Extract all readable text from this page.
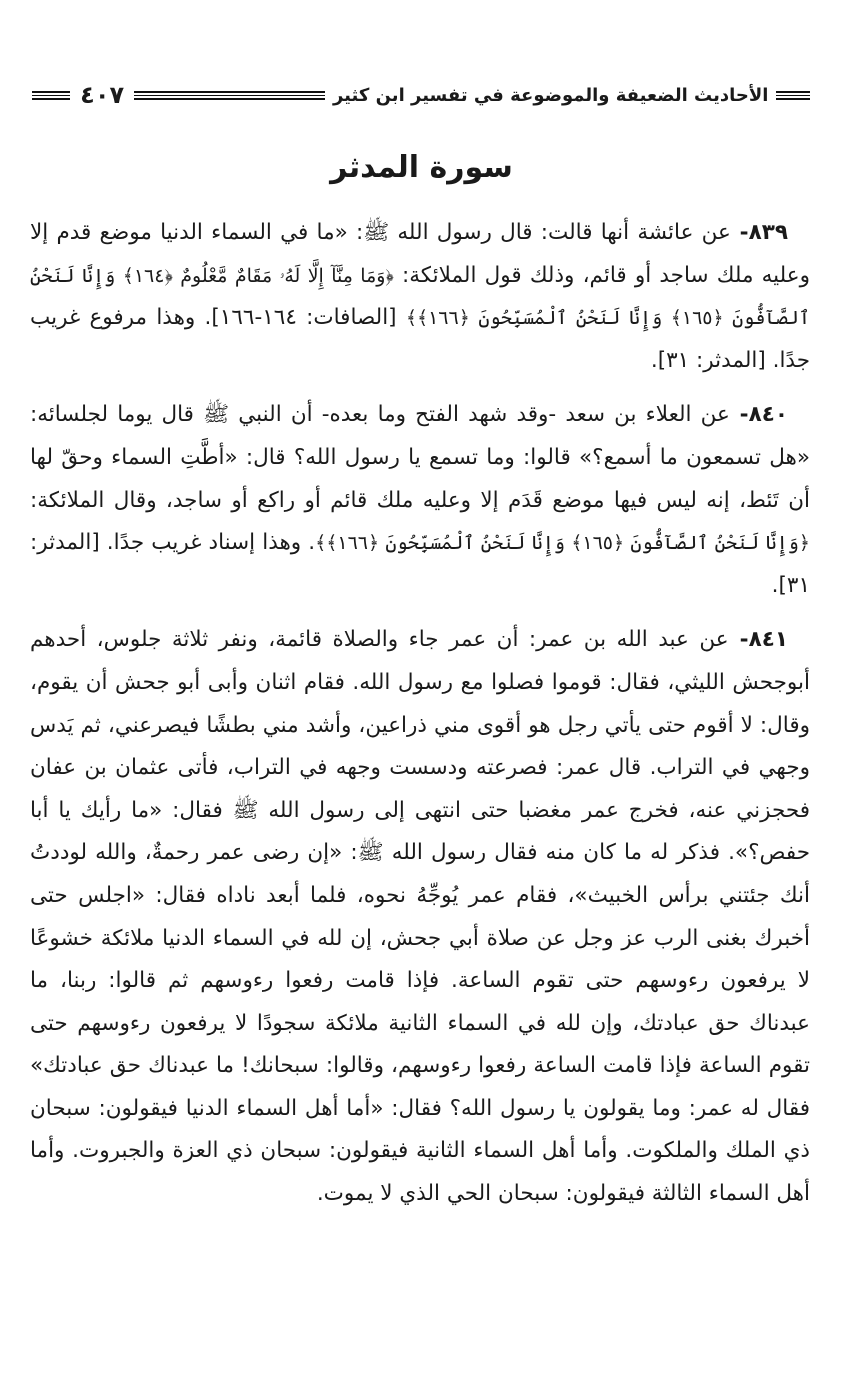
الأحاديث الضعيفة والموضوعة في تفسير ابن كثير
٤٠٧
سورة المدثر

٨٣٩- عن عائشة أنها قالت: قال رسول الله ﷺ: «ما في السماء الدنيا موضع قدم إلا وعليه ملك ساجد أو قائم، وذلك قول الملائكة: ﴿وَمَا مِنَّآ إِلَّا لَهُۥ مَقَامٌ مَّعْلُومٌ ﴿١٦٤﴾ وَإِنَّا لَنَحْنُ ٱلصَّآفُّونَ ﴿١٦٥﴾ وَإِنَّا لَنَحْنُ ٱلْمُسَبِّحُونَ ﴿١٦٦﴾﴾ [الصافات: ١٦٤-١٦٦]. وهذا مرفوع غريب جدًا. [المدثر: ٣١].

٨٤٠- عن العلاء بن سعد -وقد شهد الفتح وما بعده- أن النبي ﷺ قال يوما لجلسائه: «هل تسمعون ما أسمع؟» قالوا: وما تسمع يا رسول الله؟ قال: «أطَّتِ السماء وحقّ لها أن تَئط، إنه ليس فيها موضع قَدَم إلا وعليه ملك قائم أو راكع أو ساجد، وقال الملائكة: ﴿وَإِنَّا لَنَحْنُ ٱلصَّآفُّونَ ﴿١٦٥﴾ وَإِنَّا لَنَحْنُ ٱلْمُسَبِّحُونَ ﴿١٦٦﴾﴾. وهذا إسناد غريب جدًا. [المدثر: ٣١].

٨٤١- عن عبد الله بن عمر: أن عمر جاء والصلاة قائمة، ونفر ثلاثة جلوس، أحدهم أبوجحش الليثي، فقال: قوموا فصلوا مع رسول الله. فقام اثنان وأبى أبو جحش أن يقوم، وقال: لا أقوم حتى يأتي رجل هو أقوى مني ذراعين، وأشد مني بطشًا فيصرعني، ثم يَدس وجهي في التراب. قال عمر: فصرعته ودسست وجهه في التراب، فأتى عثمان بن عفان فحجزني عنه، فخرج عمر مغضبا حتى انتهى إلى رسول الله ﷺ فقال: «ما رأيك يا أبا حفص؟». فذكر له ما كان منه فقال رسول الله ﷺ: «إن رضى عمر رحمةٌ، والله لوددتُ أنك جئتني برأس الخبيث»، فقام عمر يُوجِّهُ نحوه، فلما أبعد ناداه فقال: «اجلس حتى أخبرك بغنى الرب عز وجل عن صلاة أبي جحش، إن لله في السماء الدنيا ملائكة خشوعًا لا يرفعون رءوسهم حتى تقوم الساعة. فإذا قامت رفعوا رءوسهم ثم قالوا: ربنا، ما عبدناك حق عبادتك، وإن لله في السماء الثانية ملائكة سجودًا لا يرفعون رءوسهم حتى تقوم الساعة فإذا قامت الساعة رفعوا رءوسهم، وقالوا: سبحانك! ما عبدناك حق عبادتك» فقال له عمر: وما يقولون يا رسول الله؟ فقال: «أما أهل السماء الدنيا فيقولون: سبحان ذي الملك والملكوت. وأما أهل السماء الثانية فيقولون: سبحان ذي العزة والجبروت. وأما أهل السماء الثالثة فيقولون: سبحان الحي الذي لا يموت.
